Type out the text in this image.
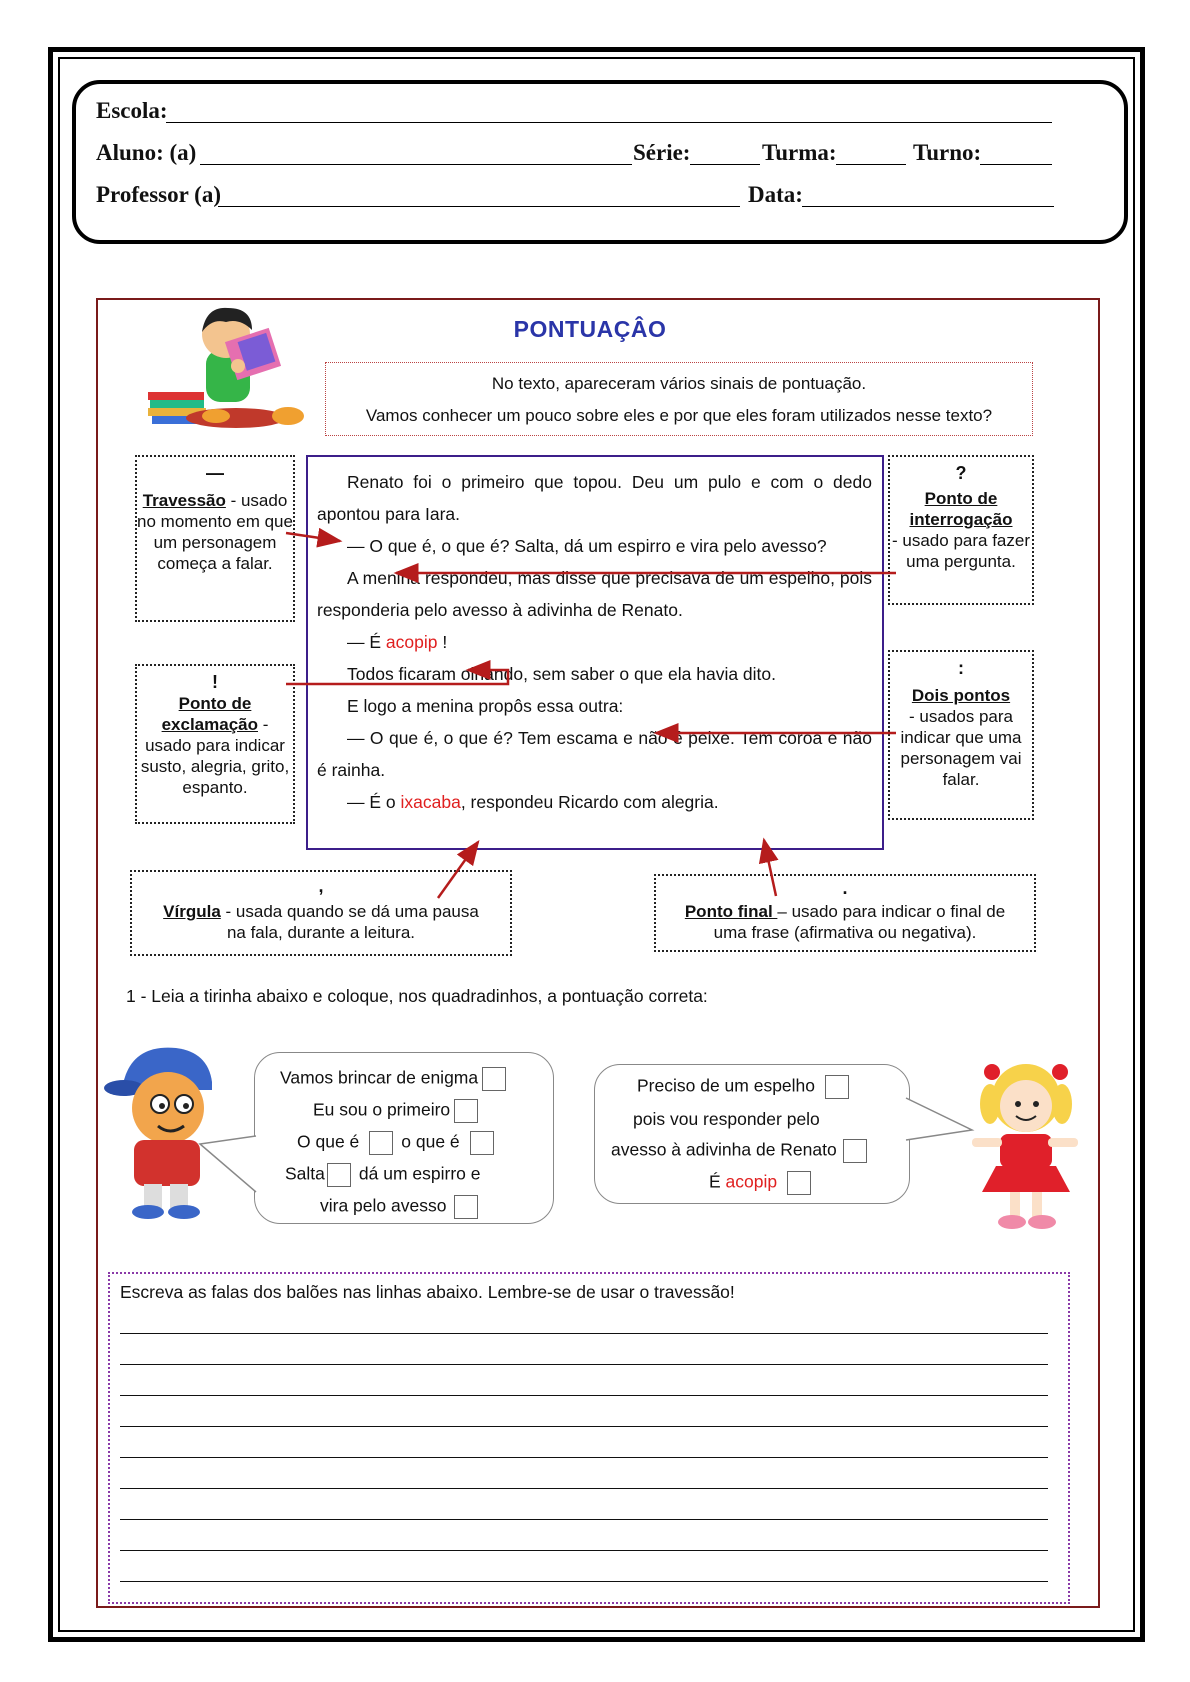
Escola:
Aluno: (a)	Série:	Turma:	Turno:
Professor (a)	Data:
PONTUAÇÂO
No texto, apareceram vários sinais de pontuação.
Vamos conhecer um pouco sobre eles e por que eles foram utilizados nesse texto?
Renato foi o primeiro que topou. Deu um pulo e com o dedo apontou para Iara.
— O que é, o que é? Salta, dá um espirro e vira pelo avesso?
A menina respondeu, mas disse que precisava de um espelho, pois responderia pelo avesso à adivinha de Renato.
— É acopip !
Todos ficaram olhando, sem saber o que ela havia dito.
E logo a menina propôs essa outra:
— O que é, o que é? Tem escama e não é peixe. Tem coroa e não é rainha.
— É o ixacaba, respondeu Ricardo com alegria.
—
Travessão - usado no momento em que um personagem começa a falar.
?
Ponto de interrogação
- usado para fazer uma pergunta.
!
Ponto de exclamação - usado para indicar susto, alegria, grito, espanto.
:
Dois pontos
- usados para indicar que uma personagem vai falar.
,
Vírgula - usada quando se dá uma pausa na fala, durante a leitura.
.
Ponto final – usado para indicar o final de uma frase (afirmativa ou negativa).
1 - Leia a tirinha abaixo e coloque, nos quadradinhos, a pontuação correta:
Vamos brincar de enigma
Eu sou o primeiro
O que é o que é
Salta dá um espirro e
vira pelo avesso
Preciso de um espelho
pois vou responder pelo
avesso à adivinha de Renato
É acopip
Escreva as falas dos balões nas linhas abaixo. Lembre-se de usar o travessão!
